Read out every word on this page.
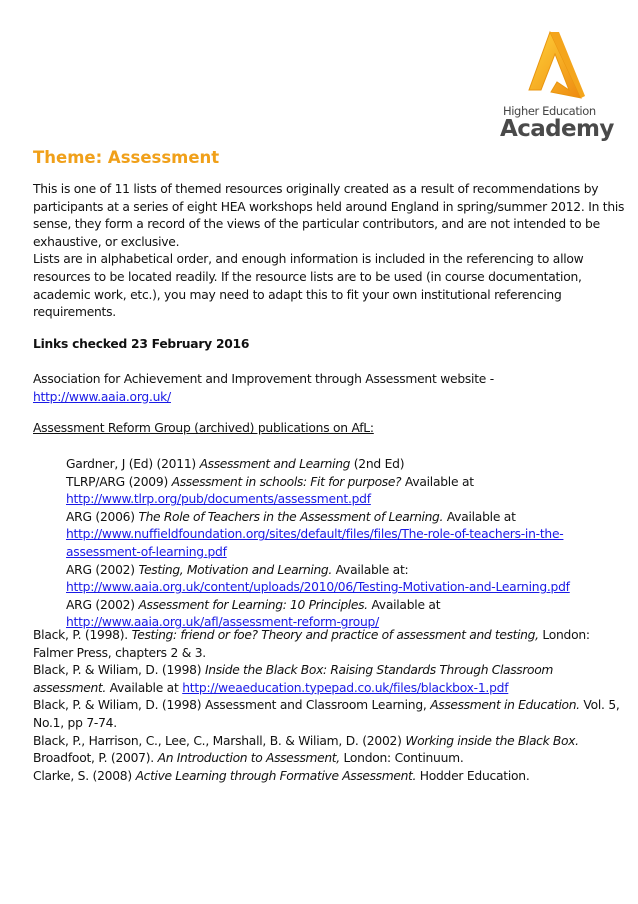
Higher Education
Academy
Theme: Assessment
This is one of 11 lists of themed resources originally created as a result of recommendations by
participants at a series of eight HEA workshops held around England in spring/summer 2012. In this
sense, they form a record of the views of the particular contributors, and are not intended to be
exhaustive, or exclusive.
Lists are in alphabetical order, and enough information is included in the referencing to allow
resources to be located readily. If the resource lists are to be used (in course documentation,
academic work, etc.), you may need to adapt this to fit your own institutional referencing
requirements.
Links checked 23 February 2016
Association for Achievement and Improvement through Assessment website -
http://www.aaia.org.uk/
Assessment Reform Group (archived) publications on AfL:
Gardner, J (Ed) (2011) Assessment and Learning (2nd Ed)
TLRP/ARG (2009) Assessment in schools: Fit for purpose? Available at
http://www.tlrp.org/pub/documents/assessment.pdf
ARG (2006) The Role of Teachers in the Assessment of Learning. Available at
http://www.nuffieldfoundation.org/sites/default/files/files/The-role-of-teachers-in-the-
assessment-of-learning.pdf
ARG (2002) Testing, Motivation and Learning. Available at:
http://www.aaia.org.uk/content/uploads/2010/06/Testing-Motivation-and-Learning.pdf
ARG (2002) Assessment for Learning: 10 Principles. Available at
http://www.aaia.org.uk/afl/assessment-reform-group/
Black, P. (1998). Testing: friend or foe? Theory and practice of assessment and testing, London:
Falmer Press, chapters 2 & 3.
Black, P. & Wiliam, D. (1998) Inside the Black Box: Raising Standards Through Classroom
assessment. Available at http://weaeducation.typepad.co.uk/files/blackbox-1.pdf
Black, P. & Wiliam, D. (1998) Assessment and Classroom Learning, Assessment in Education. Vol. 5,
No.1, pp 7-74.
Black, P., Harrison, C., Lee, C., Marshall, B. & Wiliam, D. (2002) Working inside the Black Box.
Broadfoot, P. (2007). An Introduction to Assessment, London: Continuum.
Clarke, S. (2008) Active Learning through Formative Assessment. Hodder Education.
